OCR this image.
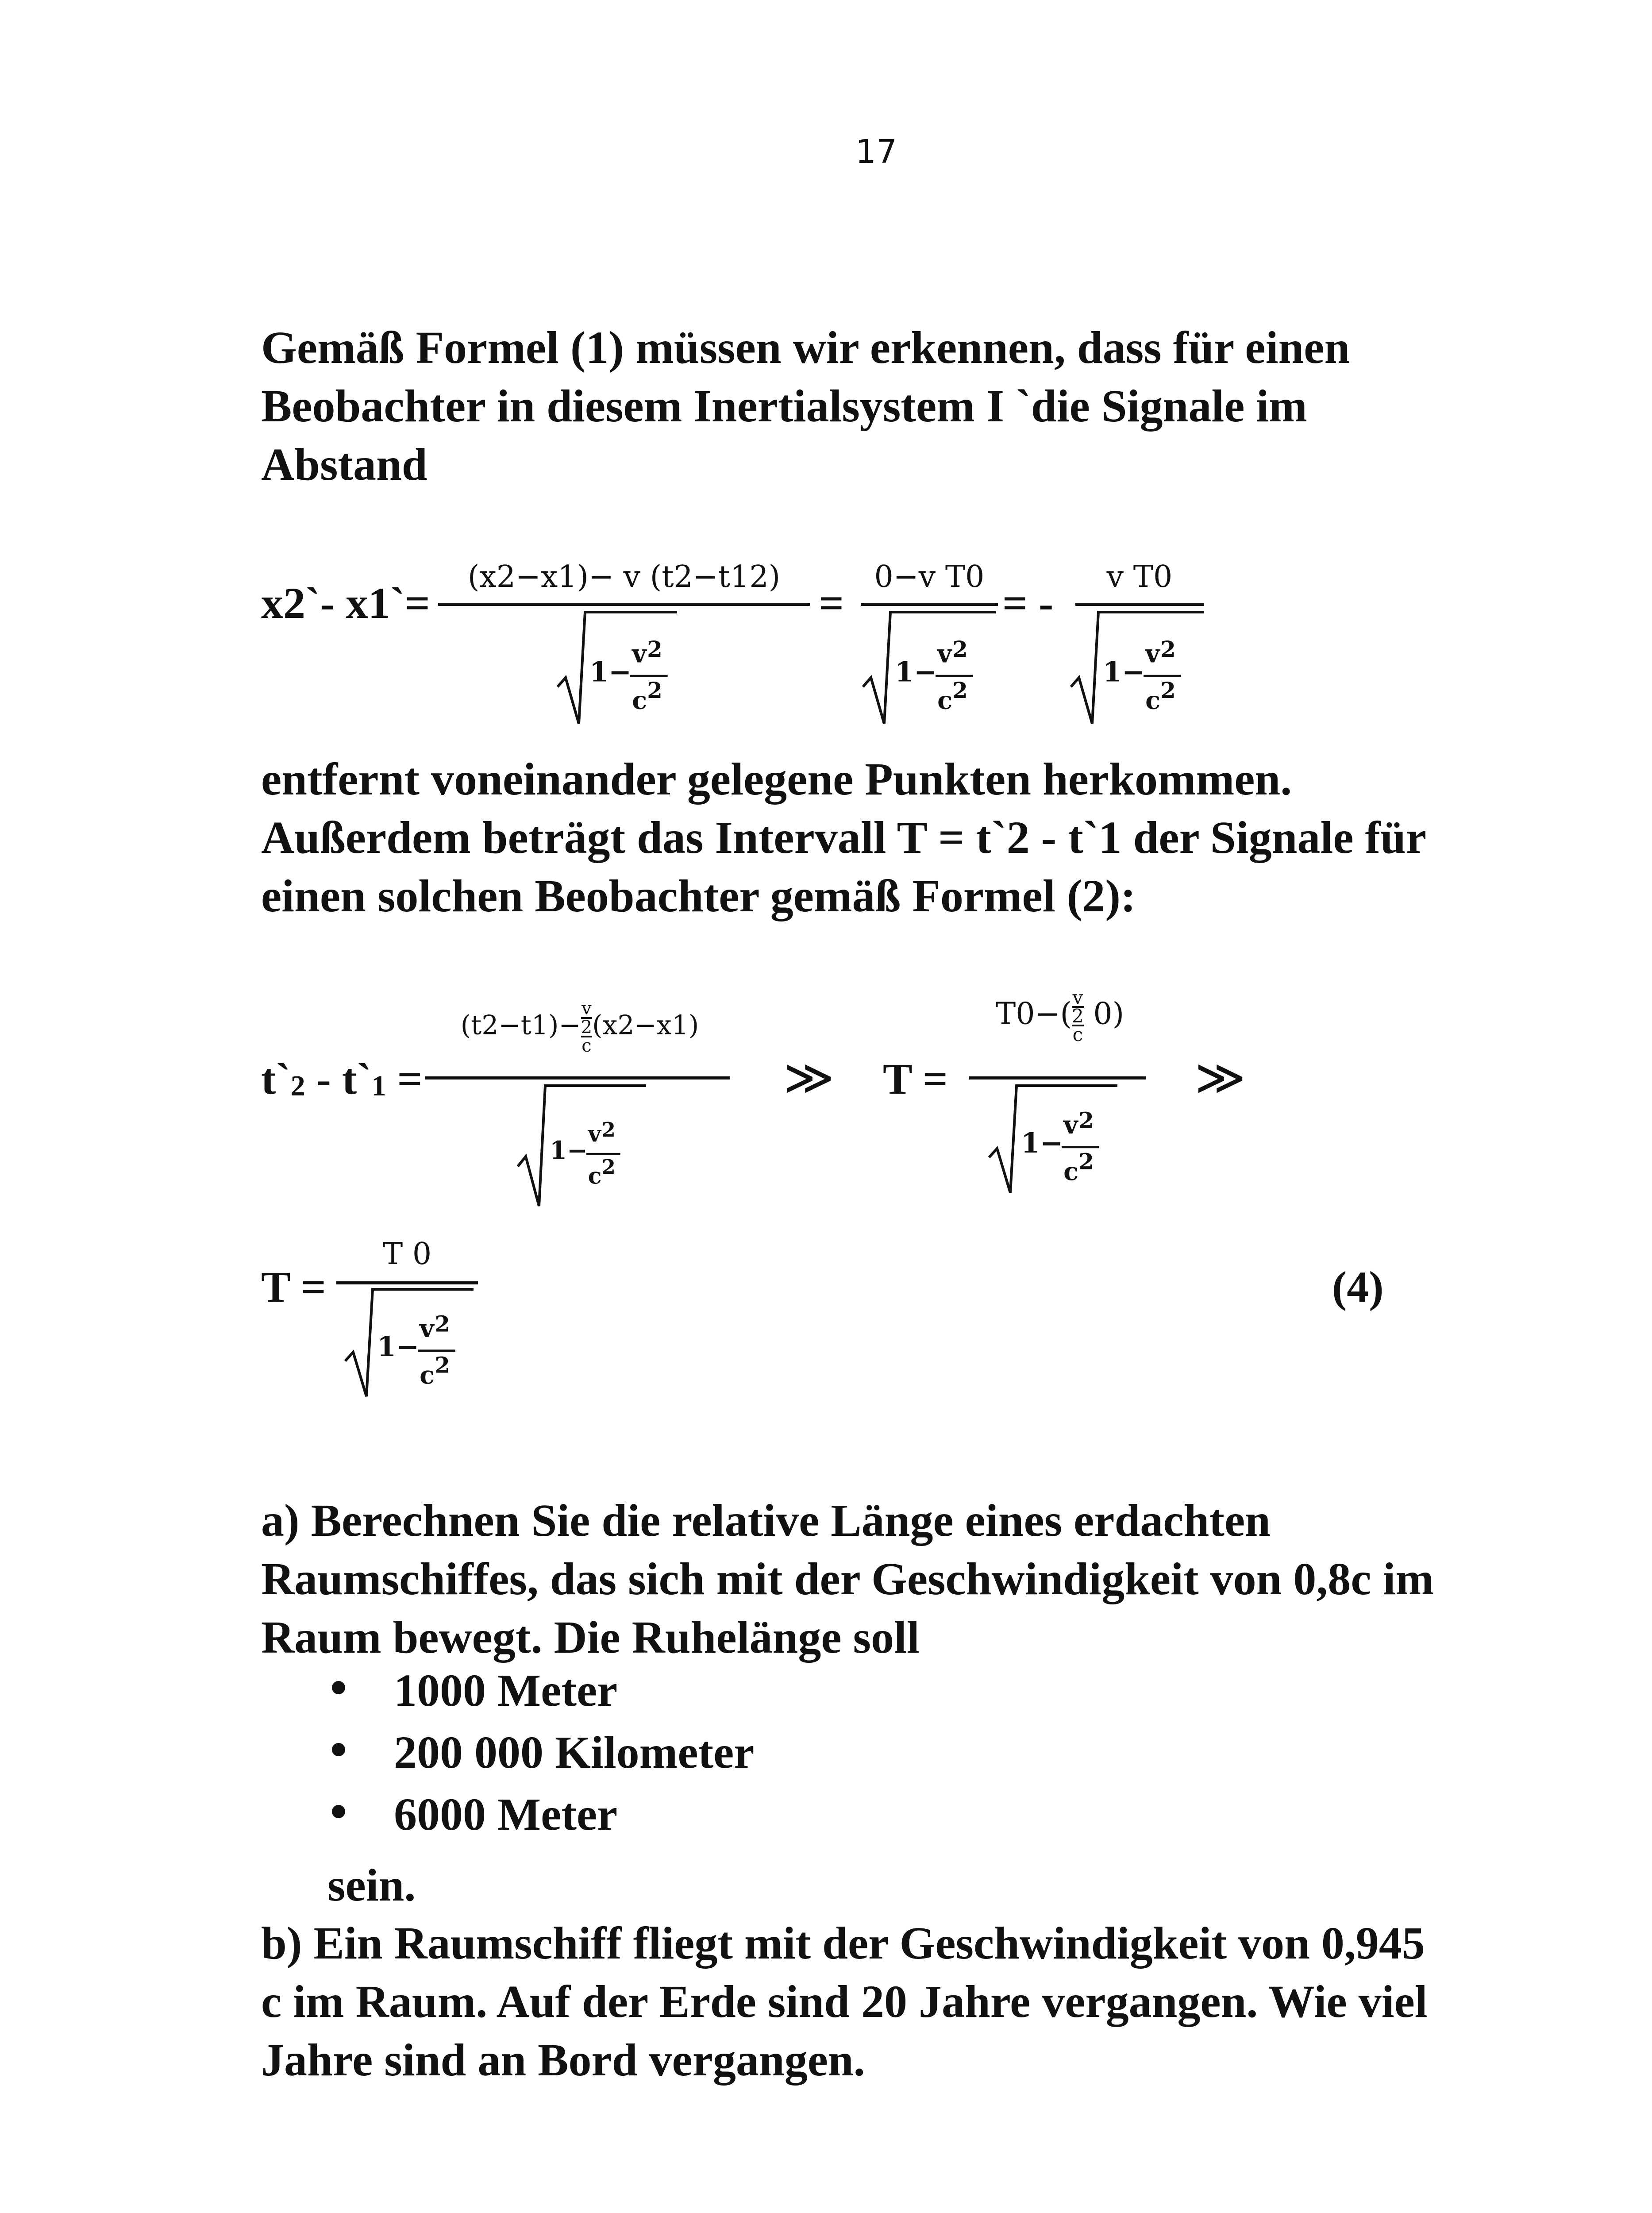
17
Gemäß Formel (1) müssen wir erkennen, dass für einen
Beobachter in diesem Inertialsystem I `die Signale im
Abstand
x2`- x1`=
(x2−x1)− v (t2−t12)
=
0−v T0
= -
v T0
entfernt voneinander gelegene Punkten herkommen.
Außerdem beträgt das Intervall T = t`2 - t`1 der Signale für
einen solchen Beobachter gemäß Formel (2):
t`2 - t`1 =
(t2−t1)−
v
2
c
(x2−x1)
≫ T =
T0−( v
2
c
0)
≫
T =
T 0
(4)
1−
v 2
c 2
1−
v 2
c 2
1−
v 2
c 2
1−
v 2
c 2
1−
v 2
c 2
1−
v 2
c 2
a) Berechnen Sie die relative Länge eines erdachten
Raumschiffes, das sich mit der Geschwindigkeit von 0,8c im
Raum bewegt. Die Ruhelänge soll
1000 Meter
200 000 Kilometer
6000 Meter
sein.
b) Ein Raumschiff fliegt mit der Geschwindigkeit von 0,945
c im Raum. Auf der Erde sind 20 Jahre vergangen. Wie viel
Jahre sind an Bord vergangen.
